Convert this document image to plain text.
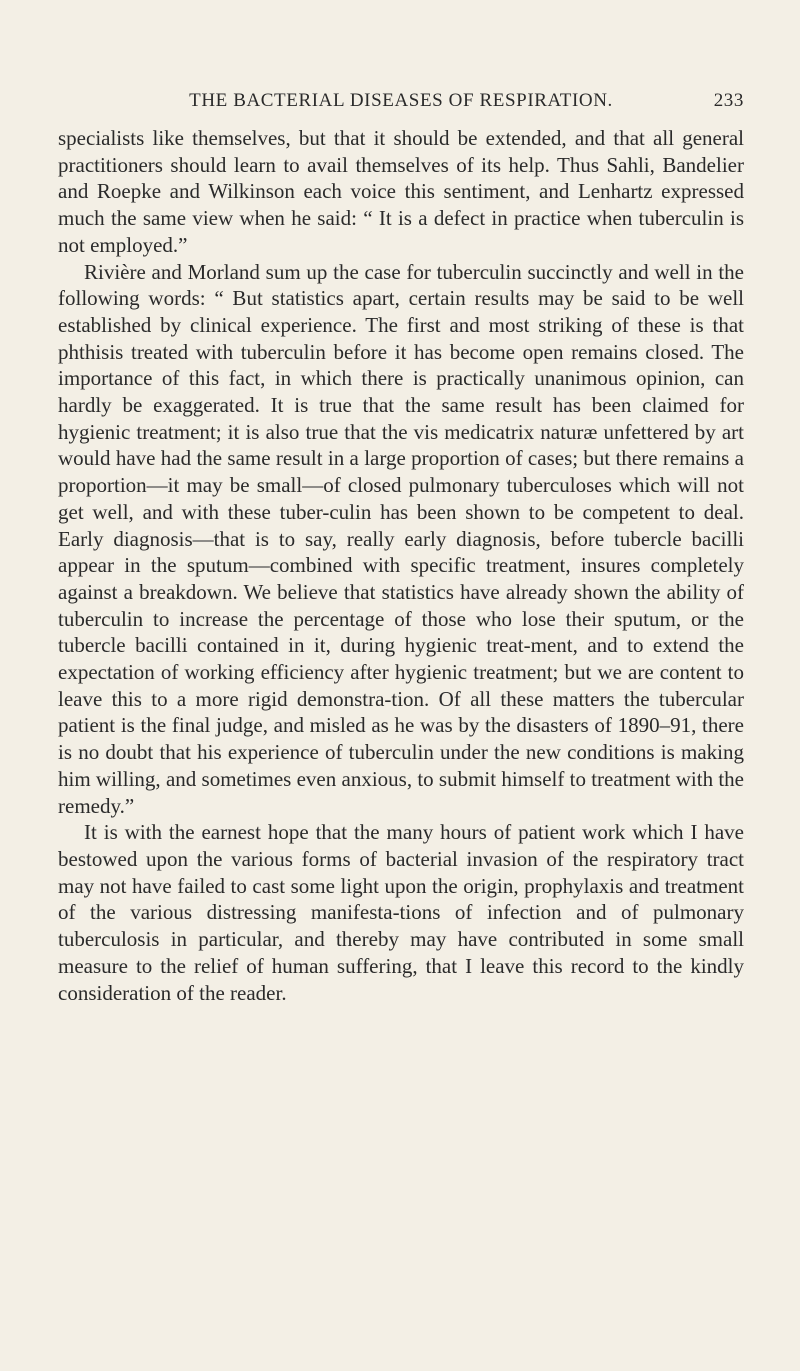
THE BACTERIAL DISEASES OF RESPIRATION.	233

specialists like themselves, but that it should be extended, and that all general practitioners should learn to avail themselves of its help. Thus Sahli, Bandelier and Roepke and Wilkinson each voice this sentiment, and Lenhartz expressed much the same view when he said: “ It is a defect in practice when tuberculin is not employed.”

Rivière and Morland sum up the case for tuberculin succinctly and well in the following words: “ But statistics apart, certain results may be said to be well established by clinical experience. The first and most striking of these is that phthisis treated with tuberculin before it has become open remains closed. The importance of this fact, in which there is practically unanimous opinion, can hardly be exaggerated. It is true that the same result has been claimed for hygienic treatment; it is also true that the vis medicatrix naturæ unfettered by art would have had the same result in a large proportion of cases; but there remains a proportion—it may be small—of closed pulmonary tuberculoses which will not get well, and with these tuber-culin has been shown to be competent to deal. Early diagnosis—that is to say, really early diagnosis, before tubercle bacilli appear in the sputum—combined with specific treatment, insures completely against a breakdown. We believe that statistics have already shown the ability of tuberculin to increase the percentage of those who lose their sputum, or the tubercle bacilli contained in it, during hygienic treat-ment, and to extend the expectation of working efficiency after hygienic treatment; but we are content to leave this to a more rigid demonstra-tion. Of all these matters the tubercular patient is the final judge, and misled as he was by the disasters of 1890–91, there is no doubt that his experience of tuberculin under the new conditions is making him willing, and sometimes even anxious, to submit himself to treatment with the remedy.”

It is with the earnest hope that the many hours of patient work which I have bestowed upon the various forms of bacterial invasion of the respiratory tract may not have failed to cast some light upon the origin, prophylaxis and treatment of the various distressing manifesta-tions of infection and of pulmonary tuberculosis in particular, and thereby may have contributed in some small measure to the relief of human suffering, that I leave this record to the kindly consideration of the reader.
